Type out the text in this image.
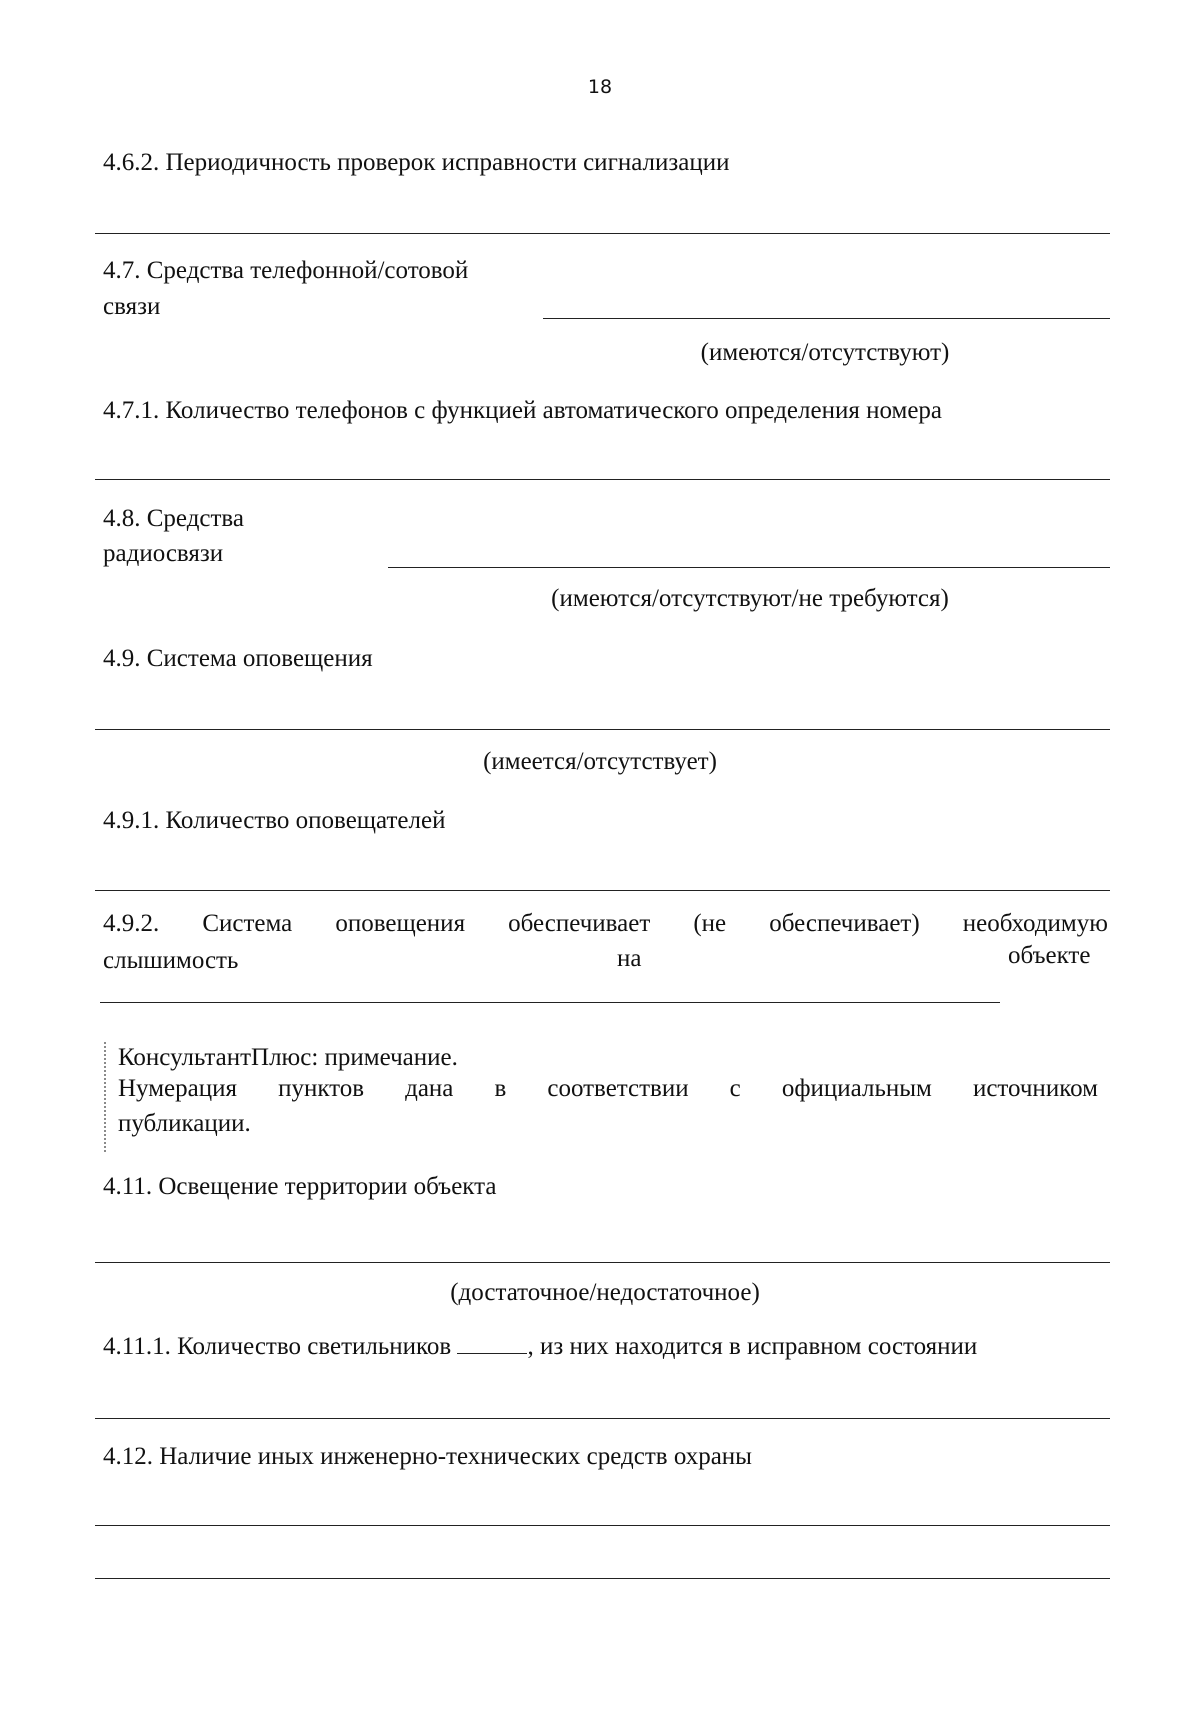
18
4.6.2. Периодичность проверок исправности сигнализации
4.7. Средства телефонной/сотовой
связи
(имеются/отсутствуют)
4.7.1. Количество телефонов с функцией автоматического определения номера
4.8. Средства
радиосвязи
(имеются/отсутствуют/не требуются)
4.9. Система оповещения
(имеется/отсутствует)
4.9.1. Количество оповещателей
4.9.2. Система оповещения обеспечивает (не обеспечивает) необходимую
слышимость	на	объекте
КонсультантПлюс: примечание.
Нумерация пунктов дана в соответствии с официальным источником
публикации.
4.11. Освещение территории объекта
(достаточное/недостаточное)
4.11.1. Количество светильников	, из них находится в исправном состоянии
4.12. Наличие иных инженерно-технических средств охраны
